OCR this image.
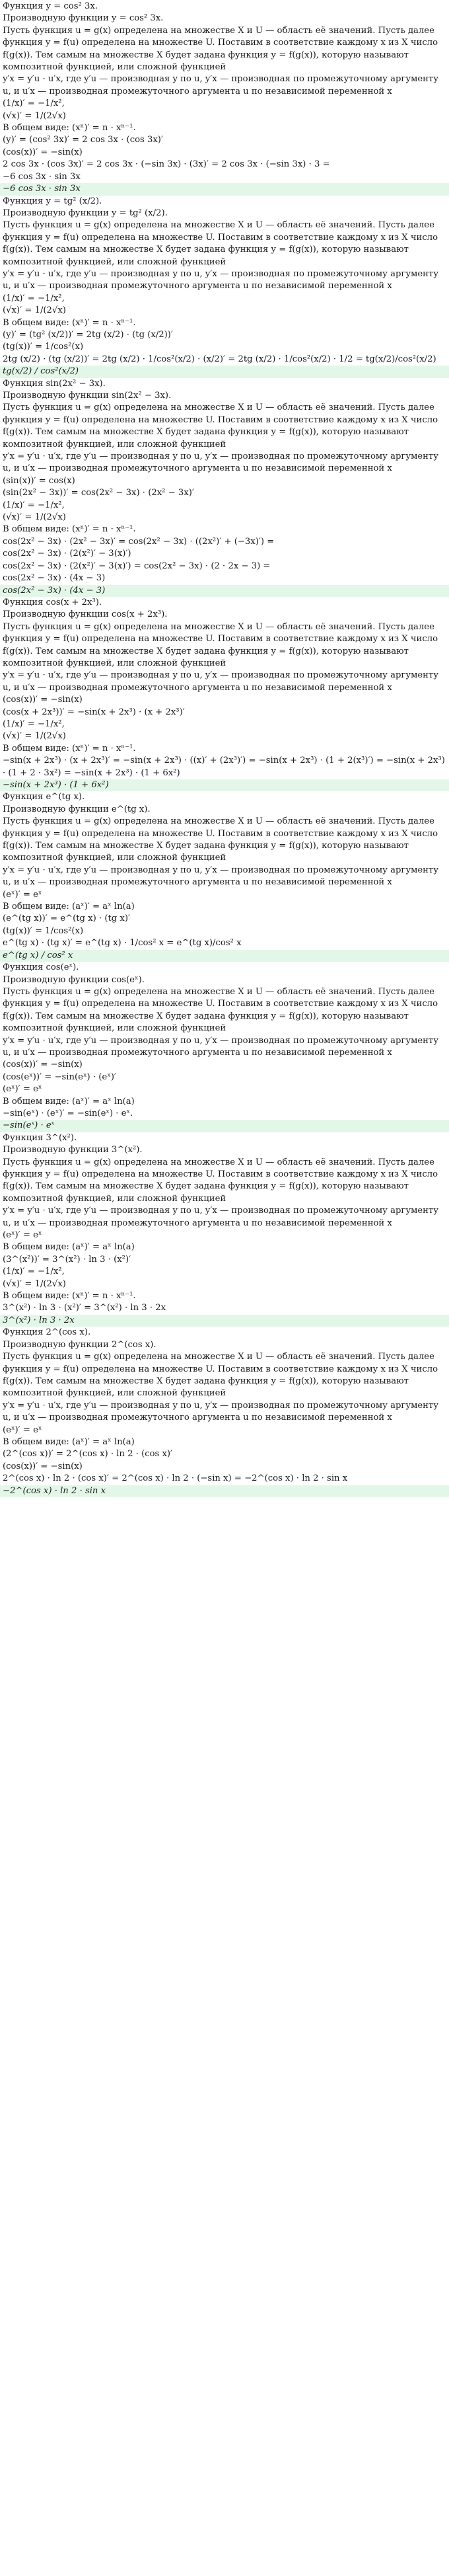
Функция y = cos² 3x.

Производную функции y = cos² 3x.

Пусть функция u = g(x) определена на множестве X и U — область её значений. Пусть далее функция y = f(u) определена на множестве U. Поставим в соответствие каждому x из X число f(g(x)). Тем самым на множестве X будет задана функция y = f(g(x)), которую называют композитной функцией, или сложной функцией

y′x = y′u · u′x, где y′u — производная y по u, y′x — производная по промежуточному аргументу u, и u′x — производная промежуточного аргумента u по независимой переменной x

(1/x)′ = −1/x²,

(√x)′ = 1/(2√x)

В общем виде: (xⁿ)′ = n · xⁿ⁻¹.

(y)′ = (cos² 3x)′ = 2 cos 3x · (cos 3x)′

(cos(x))′ = −sin(x)

2 cos 3x · (cos 3x)′ = 2 cos 3x · (−sin 3x) · (3x)′ = 2 cos 3x · (−sin 3x) · 3 =

−6 cos 3x · sin 3x

−6 cos 3x · sin 3x

Функция y = tg² (x/2).

Производную функции y = tg² (x/2).

Пусть функция u = g(x) определена на множестве X и U — область её значений. Пусть далее функция y = f(u) определена на множестве U. Поставим в соответствие каждому x из X число f(g(x)). Тем самым на множестве X будет задана функция y = f(g(x)), которую называют композитной функцией, или сложной функцией

y′x = y′u · u′x, где y′u — производная y по u, y′x — производная по промежуточному аргументу u, и u′x — производная промежуточного аргумента u по независимой переменной x

(1/x)′ = −1/x²,

(√x)′ = 1/(2√x)

В общем виде: (xⁿ)′ = n · xⁿ⁻¹.

(y)′ = (tg² (x/2))′ = 2tg (x/2) · (tg (x/2))′

(tg(x))′ = 1/cos²(x)

2tg (x/2) · (tg (x/2))′ = 2tg (x/2) · 1/cos²(x/2) · (x/2)′ = 2tg (x/2) · 1/cos²(x/2) · 1/2 = tg(x/2)/cos²(x/2)

tg(x/2) / cos²(x/2)

Функция sin(2x² − 3x).

Производную функции sin(2x² − 3x).

Пусть функция u = g(x) определена на множестве X и U — область её значений. Пусть далее функция y = f(u) определена на множестве U. Поставим в соответствие каждому x из X число f(g(x)). Тем самым на множестве X будет задана функция y = f(g(x)), которую называют композитной функцией, или сложной функцией

y′x = y′u · u′x, где y′u — производная y по u, y′x — производная по промежуточному аргументу u, и u′x — производная промежуточного аргумента u по независимой переменной x

(sin(x))′ = cos(x)

(sin(2x² − 3x))′ = cos(2x² − 3x) · (2x² − 3x)′

(1/x)′ = −1/x²,

(√x)′ = 1/(2√x)

В общем виде: (xⁿ)′ = n · xⁿ⁻¹.

cos(2x² − 3x) · (2x² − 3x)′ = cos(2x² − 3x) · ((2x²)′ + (−3x)′) =

cos(2x² − 3x) · (2(x²)′ − 3(x)′)

cos(2x² − 3x) · (2(x²)′ − 3(x)′) = cos(2x² − 3x) · (2 · 2x − 3) =

cos(2x² − 3x) · (4x − 3)

cos(2x² − 3x) · (4x − 3)

Функция cos(x + 2x³).

Производную функции cos(x + 2x³).

Пусть функция u = g(x) определена на множестве X и U — область её значений. Пусть далее функция y = f(u) определена на множестве U. Поставим в соответствие каждому x из X число f(g(x)). Тем самым на множестве X будет задана функция y = f(g(x)), которую называют композитной функцией, или сложной функцией

y′x = y′u · u′x, где y′u — производная y по u, y′x — производная по промежуточному аргументу u, и u′x — производная промежуточного аргумента u по независимой переменной x

(cos(x))′ = −sin(x)

(cos(x + 2x³))′ = −sin(x + 2x³) · (x + 2x³)′

(1/x)′ = −1/x²,

(√x)′ = 1/(2√x)

В общем виде: (xⁿ)′ = n · xⁿ⁻¹.

−sin(x + 2x³) · (x + 2x³)′ = −sin(x + 2x³) · ((x)′ + (2x³)′) = −sin(x + 2x³) · (1 + 2(x³)′) = −sin(x + 2x³) · (1 + 2 · 3x²) = −sin(x + 2x³) · (1 + 6x²)

−sin(x + 2x³) · (1 + 6x²)

Функция e^(tg x).

Производную функции e^(tg x).

Пусть функция u = g(x) определена на множестве X и U — область её значений. Пусть далее функция y = f(u) определена на множестве U. Поставим в соответствие каждому x из X число f(g(x)). Тем самым на множестве X будет задана функция y = f(g(x)), которую называют композитной функцией, или сложной функцией

y′x = y′u · u′x, где y′u — производная y по u, y′x — производная по промежуточному аргументу u, и u′x — производная промежуточного аргумента u по независимой переменной x

(eˣ)′ = eˣ

В общем виде: (aˣ)′ = aˣ ln(a)

(e^(tg x))′ = e^(tg x) · (tg x)′

(tg(x))′ = 1/cos²(x)

e^(tg x) · (tg x)′ = e^(tg x) · 1/cos² x = e^(tg x)/cos² x

e^(tg x) / cos² x

Функция cos(eˣ).

Производную функции cos(eˣ).

Пусть функция u = g(x) определена на множестве X и U — область её значений. Пусть далее функция y = f(u) определена на множестве U. Поставим в соответствие каждому x из X число f(g(x)). Тем самым на множестве X будет задана функция y = f(g(x)), которую называют композитной функцией, или сложной функцией

y′x = y′u · u′x, где y′u — производная y по u, y′x — производная по промежуточному аргументу u, и u′x — производная промежуточного аргумента u по независимой переменной x

(cos(x))′ = −sin(x)

(cos(eˣ))′ = −sin(eˣ) · (eˣ)′

(eˣ)′ = eˣ

В общем виде: (aˣ)′ = aˣ ln(a)

−sin(eˣ) · (eˣ)′ = −sin(eˣ) · eˣ.

−sin(eˣ) · eˣ

Функция 3^(x²).

Производную функции 3^(x²).

Пусть функция u = g(x) определена на множестве X и U — область её значений. Пусть далее функция y = f(u) определена на множестве U. Поставим в соответствие каждому x из X число f(g(x)). Тем самым на множестве X будет задана функция y = f(g(x)), которую называют композитной функцией, или сложной функцией

y′x = y′u · u′x, где y′u — производная y по u, y′x — производная по промежуточному аргументу u, и u′x — производная промежуточного аргумента u по независимой переменной x

(eˣ)′ = eˣ

В общем виде: (aˣ)′ = aˣ ln(a)

(3^(x²))′ = 3^(x²) · ln 3 · (x²)′

(1/x)′ = −1/x²,

(√x)′ = 1/(2√x)

В общем виде: (xⁿ)′ = n · xⁿ⁻¹.

3^(x²) · ln 3 · (x²)′ = 3^(x²) · ln 3 · 2x

3^(x²) · ln 3 · 2x

Функция 2^(cos x).

Производную функции 2^(cos x).

Пусть функция u = g(x) определена на множестве X и U — область её значений. Пусть далее функция y = f(u) определена на множестве U. Поставим в соответствие каждому x из X число f(g(x)). Тем самым на множестве X будет задана функция y = f(g(x)), которую называют композитной функцией, или сложной функцией

y′x = y′u · u′x, где y′u — производная y по u, y′x — производная по промежуточному аргументу u, и u′x — производная промежуточного аргумента u по независимой переменной x

(eˣ)′ = eˣ

В общем виде: (aˣ)′ = aˣ ln(a)

(2^(cos x))′ = 2^(cos x) · ln 2 · (cos x)′

(cos(x))′ = −sin(x)

2^(cos x) · ln 2 · (cos x)′ = 2^(cos x) · ln 2 · (−sin x) = −2^(cos x) · ln 2 · sin x

−2^(cos x) · ln 2 · sin x
